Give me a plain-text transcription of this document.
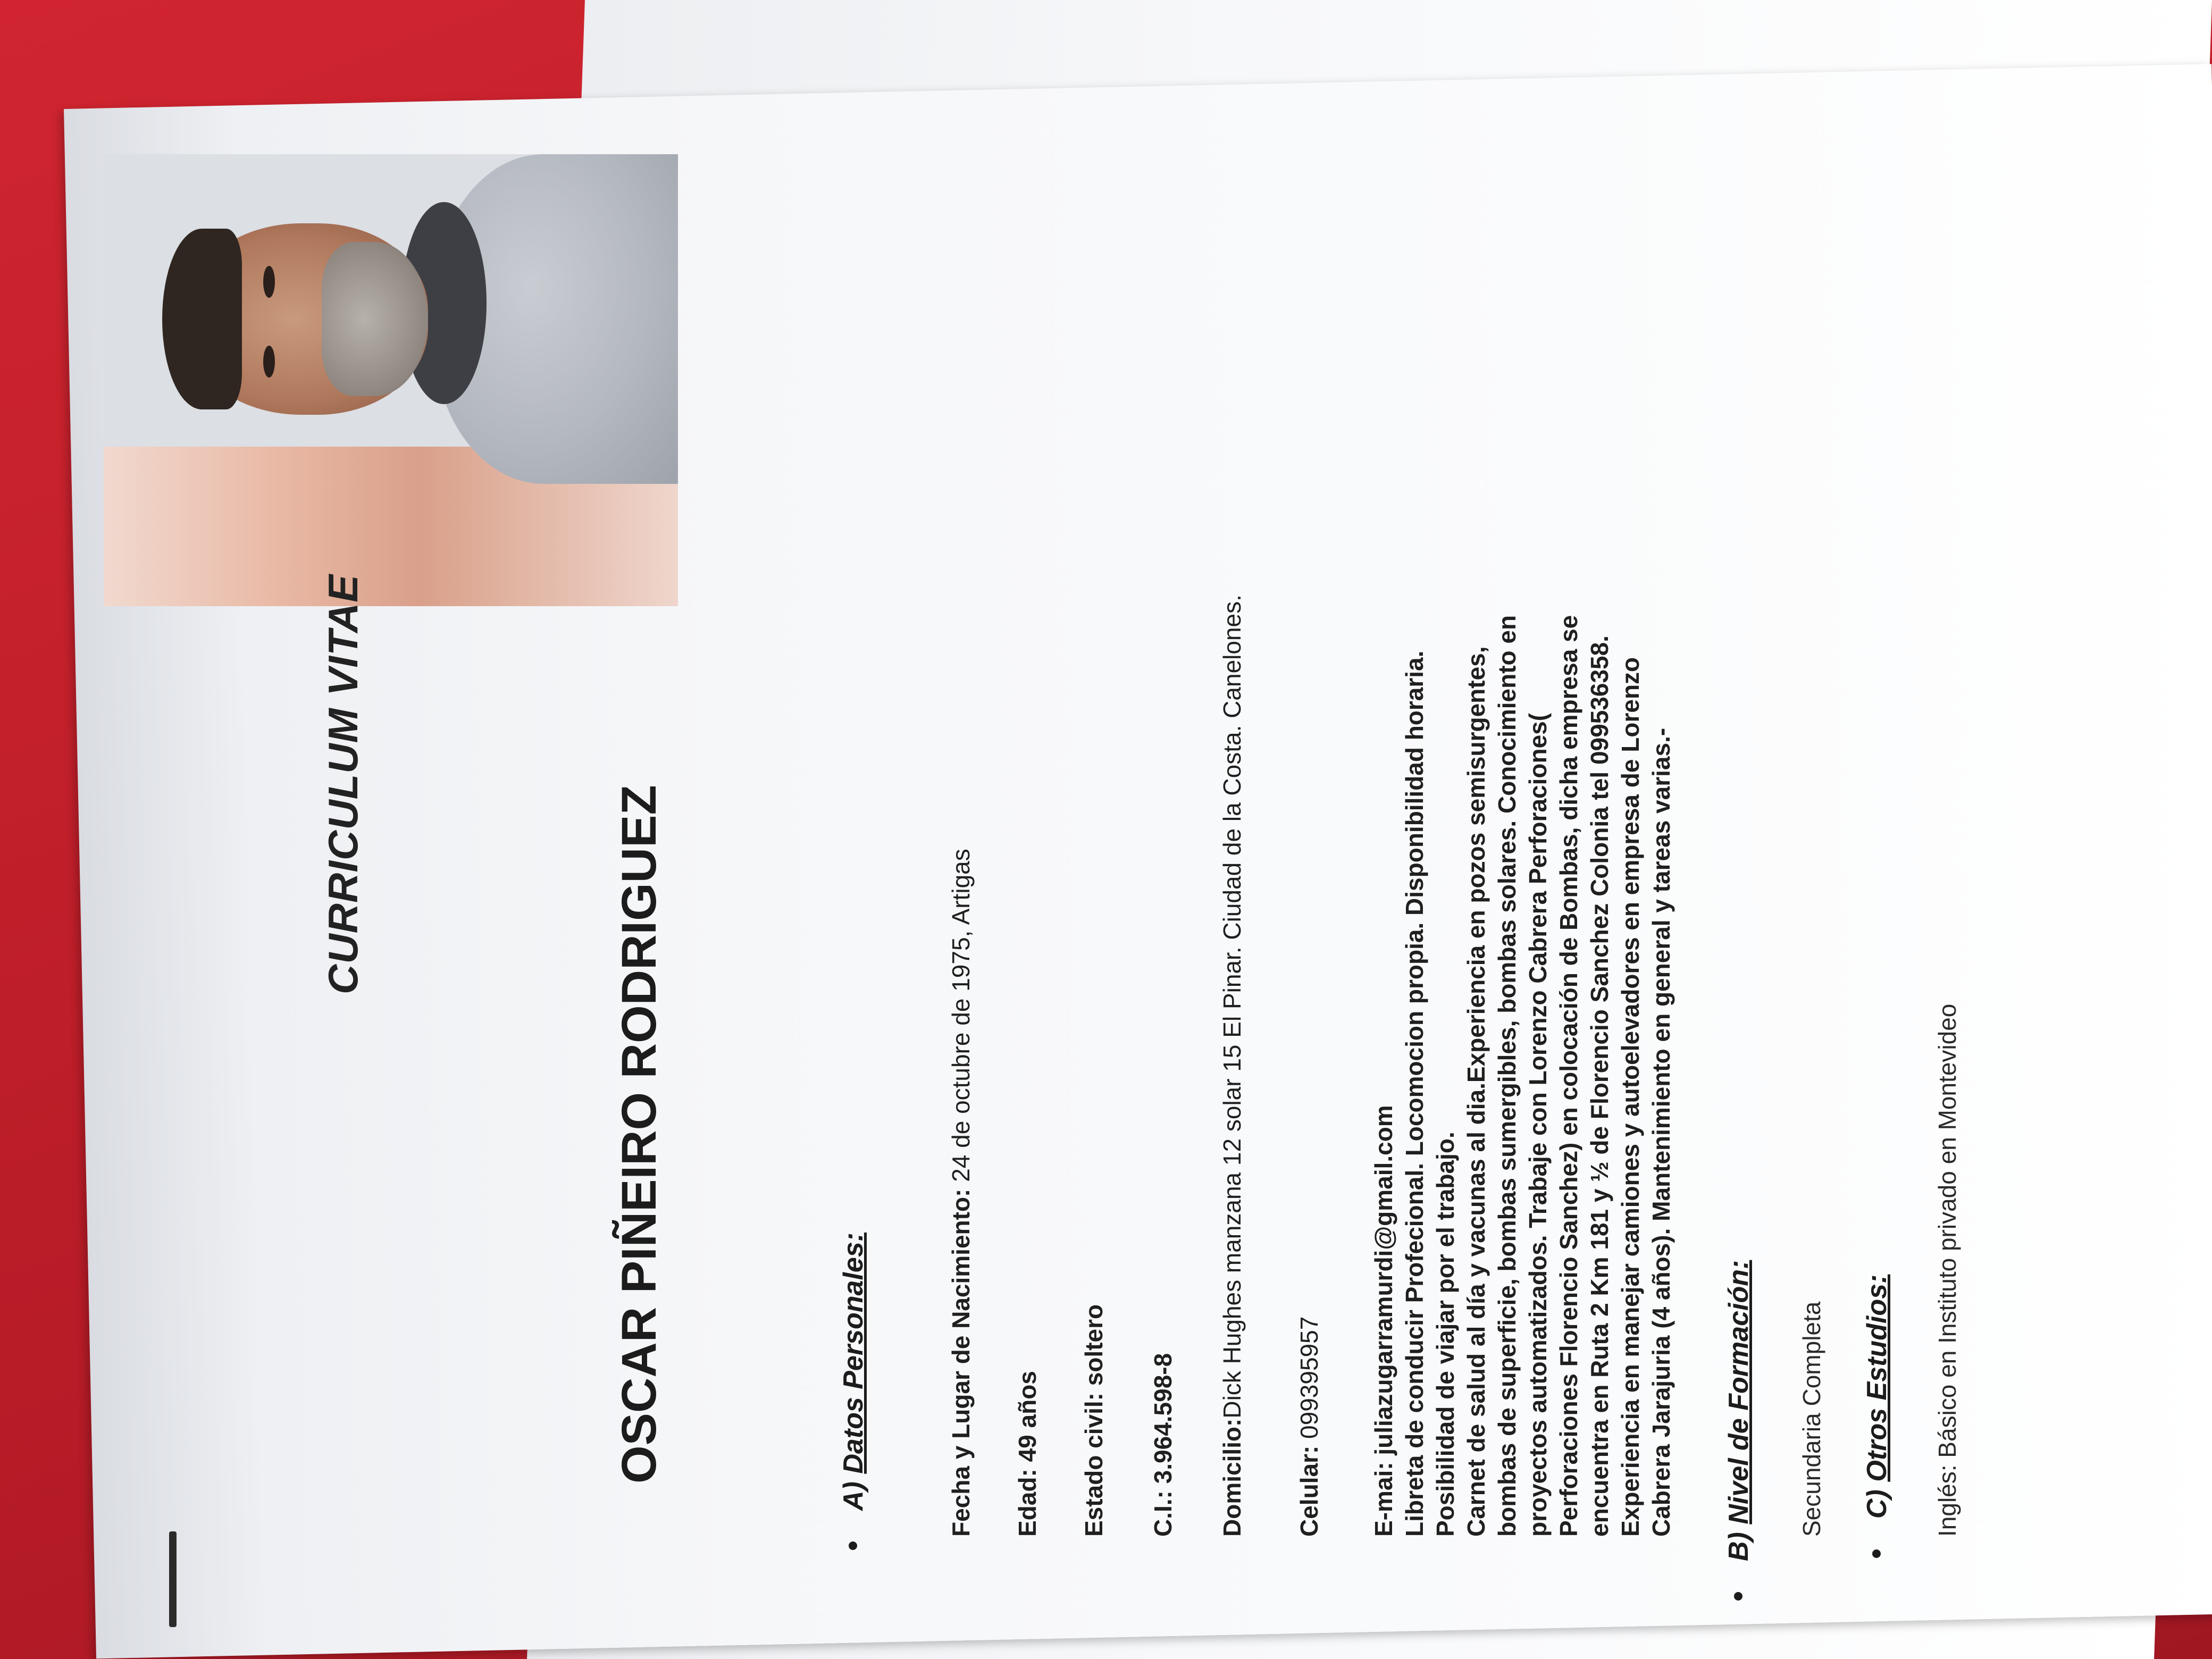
CURRICULUM VITAE
OSCAR PIÑEIRO RODRIGUEZ
A) Datos Personales:	Fecha y Lugar de Nacimiento: 24 de octubre de 1975, Artigas
Edad: 49 años Estado civil: soltero C.I.: 3.964.598-8 Domicilio:Dick Hughes manzana 12 solar 15 El Pinar. Ciudad de la Costa. Canelones.
Celular: 099395957 E-mai: juliazugarramurdi@gmail.com Libreta de conducir Profecional. Locomocion propia. Disponibilidad horaria. Posibilidad de viajar por el trabajo. Carnet de salud al día y vacunas al dia.Experiencia en pozos semisurgentes, bombas de superficie, bombas sumergibles, bombas solares. Conocimiento en proyectos automatizados. Trabaje con Lorenzo Cabrera Perforaciones( Perforaciones Florencio Sanchez) en colocación de Bombas, dicha empresa se encuentra en Ruta 2 Km 181 y ½ de Florencio Sanchez Colonia tel 099536358. Experiencia en manejar camiones y autoelevadores en empresa de Lorenzo Cabrera Jarajuria (4 años). Mantenimiento en general y tareas varias.-
B) Nivel de Formación: Secundaria Completa C) Otros Estudios: Inglés: Básico en Instituto privado en Montevideo
